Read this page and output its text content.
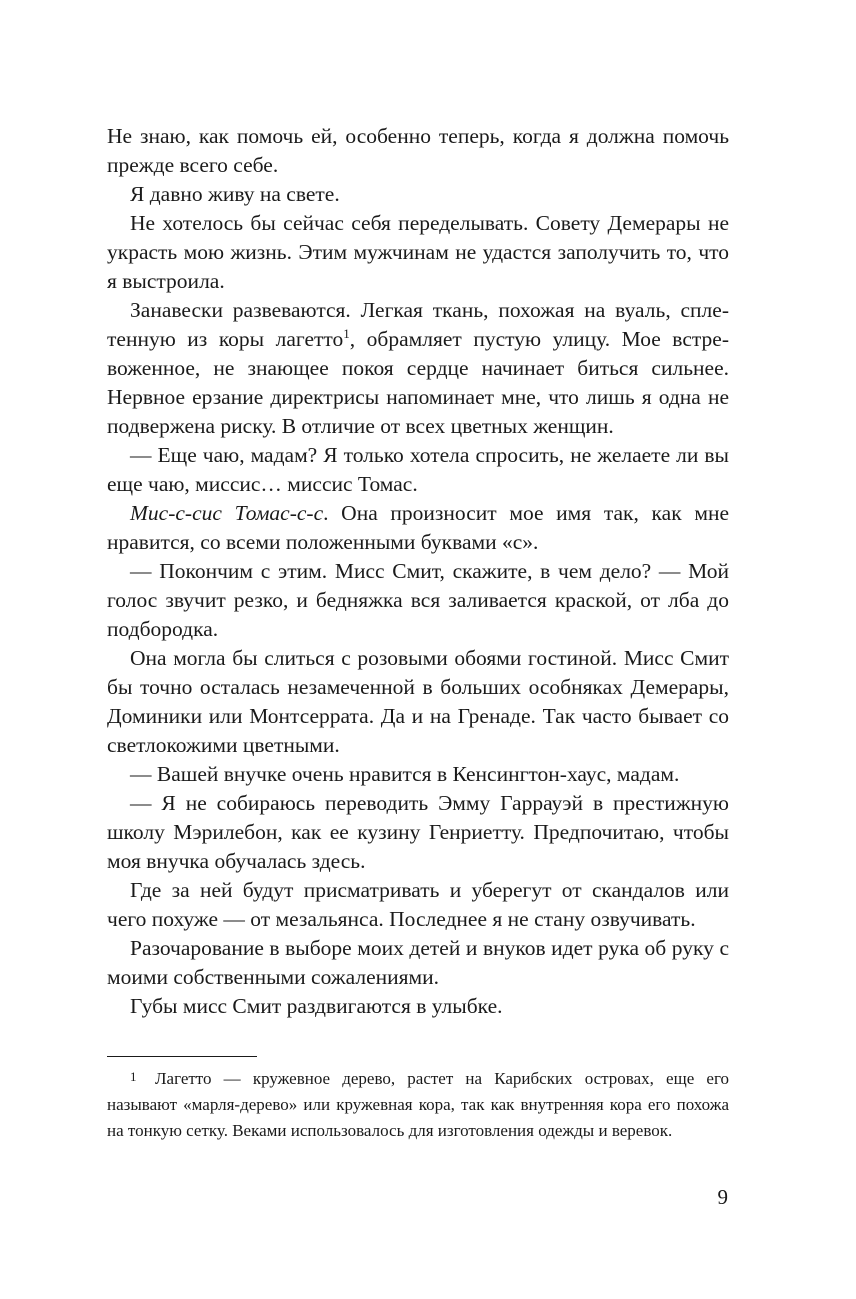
Не знаю, как помочь ей, особенно теперь, когда я должна помочь прежде всего себе.

Я давно живу на свете.

Не хотелось бы сейчас себя переделывать. Совету Демерары не украсть мою жизнь. Этим мужчинам не удастся заполучить то, что я выстроила.

Занавески развеваются. Легкая ткань, похожая на вуаль, сплетенную из коры лагетто$^1$, обрамляет пустую улицу. Мое встревоженное, не знающее покоя сердце начинает биться сильнее. Нервное ерзание директрисы напоминает мне, что лишь я одна не подвержена риску. В отличие от всех цветных женщин.

— Еще чаю, мадам? Я только хотела спросить, не желаете ли вы еще чаю, миссис… миссис Томас.

Мис-с-сис Томас-с-с. Она произносит мое имя так, как мне нравится, со всеми положенными буквами «с».

— Покончим с этим. Мисс Смит, скажите, в чем дело? — Мой голос звучит резко, и бедняжка вся заливается краской, от лба до подбородка.

Она могла бы слиться с розовыми обоями гостиной. Мисс Смит бы точно осталась незамеченной в больших особняках Демерары, Доминики или Монтсеррата. Да и на Гренаде. Так часто бывает со светлокожими цветными.

— Вашей внучке очень нравится в Кенсингтон-хаус, мадам.

— Я не собираюсь переводить Эмму Гаррауэй в престижную школу Мэрилебон, как ее кузину Генриетту. Предпочитаю, чтобы моя внучка обучалась здесь.

Где за ней будут присматривать и уберегут от скандалов или чего похуже — от мезальянса. Последнее я не стану озвучивать.

Разочарование в выборе моих детей и внуков идет рука об руку с моими собственными сожалениями.

Губы мисс Смит раздвигаются в улыбке.

1 Лагетто — кружевное дерево, растет на Карибских островах, еще его называют «марля-дерево» или кружевная кора, так как внутренняя кора его похожа на тонкую сетку. Веками использовалось для изготовления одежды и веревок.

9
